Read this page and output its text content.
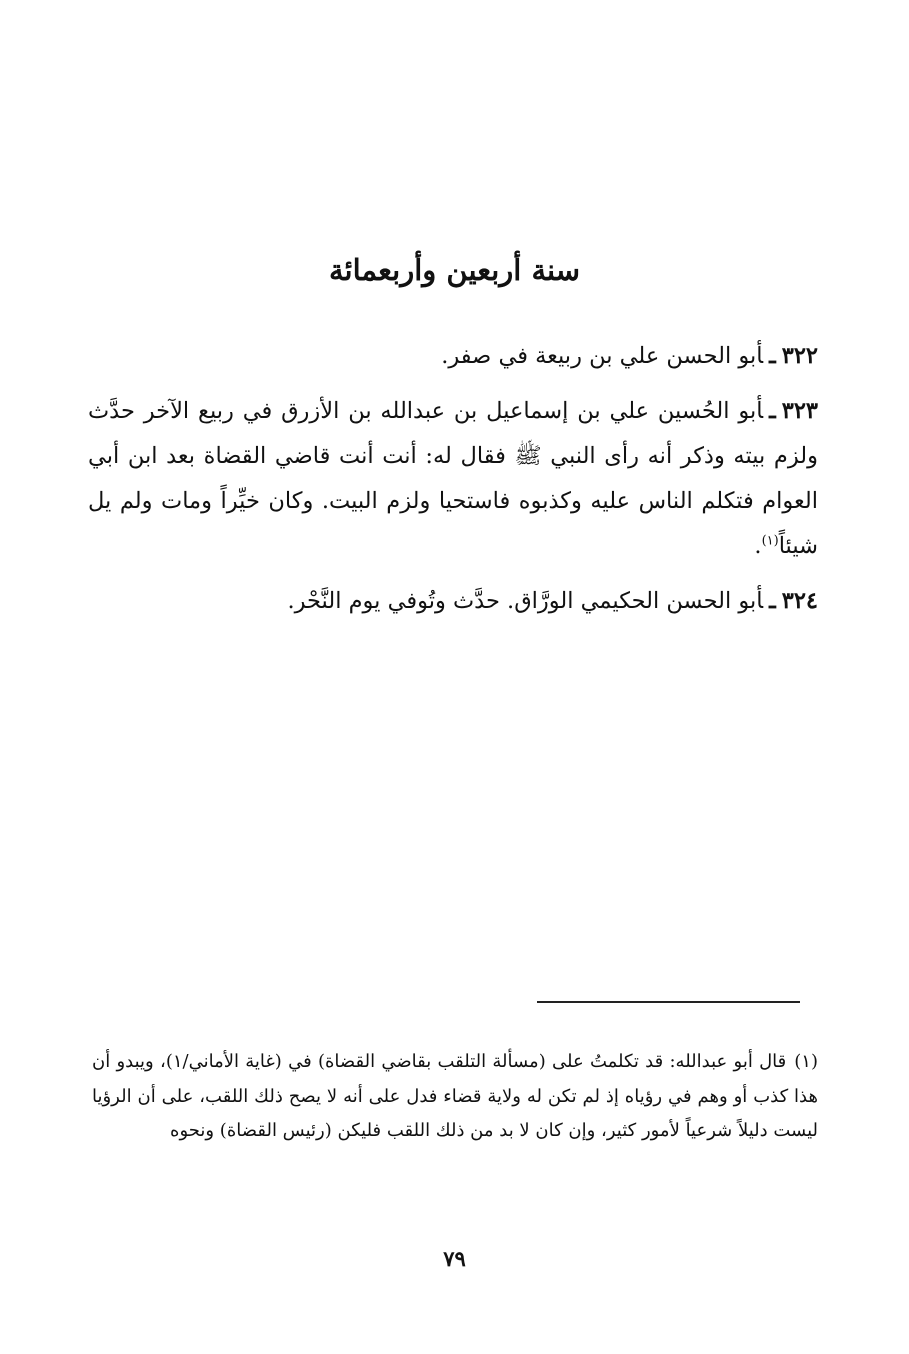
سنة أربعين وأربعمائة

٣٢٢ـأبو الحسن علي بن ربيعة في صفر.

٣٢٣ـأبو الحُسين علي بن إسماعيل بن عبدالله بن الأزرق في ربيع الآخر حدَّث ولزم بيته وذكر أنه رأى النبي ﷺ فقال له: أنت أنت قاضي القضاة بعد ابن أبي العوام فتكلم الناس عليه وكذبوه فاستحيا ولزم البيت. وكان خيِّراً ومات ولم يل شيئاً$^{(١)}$.

٣٢٤ـأبو الحسن الحكيمي الورَّاق. حدَّث وتُوفي يوم النَّحْر.

(١)قال أبو عبدالله: قد تكلمتُ على (مسألة التلقب بقاضي القضاة) في (غاية الأماني/١)، ويبدو أن هذا كذب أو وهم في رؤياه إذ لم تكن له ولاية قضاء فدل على أنه لا يصح ذلك اللقب، على أن الرؤيا ليست دليلاً شرعياً لأمور كثير، وإن كان لا بد من ذلك اللقب فليكن (رئيس القضاة) ونحوه
٧٩
